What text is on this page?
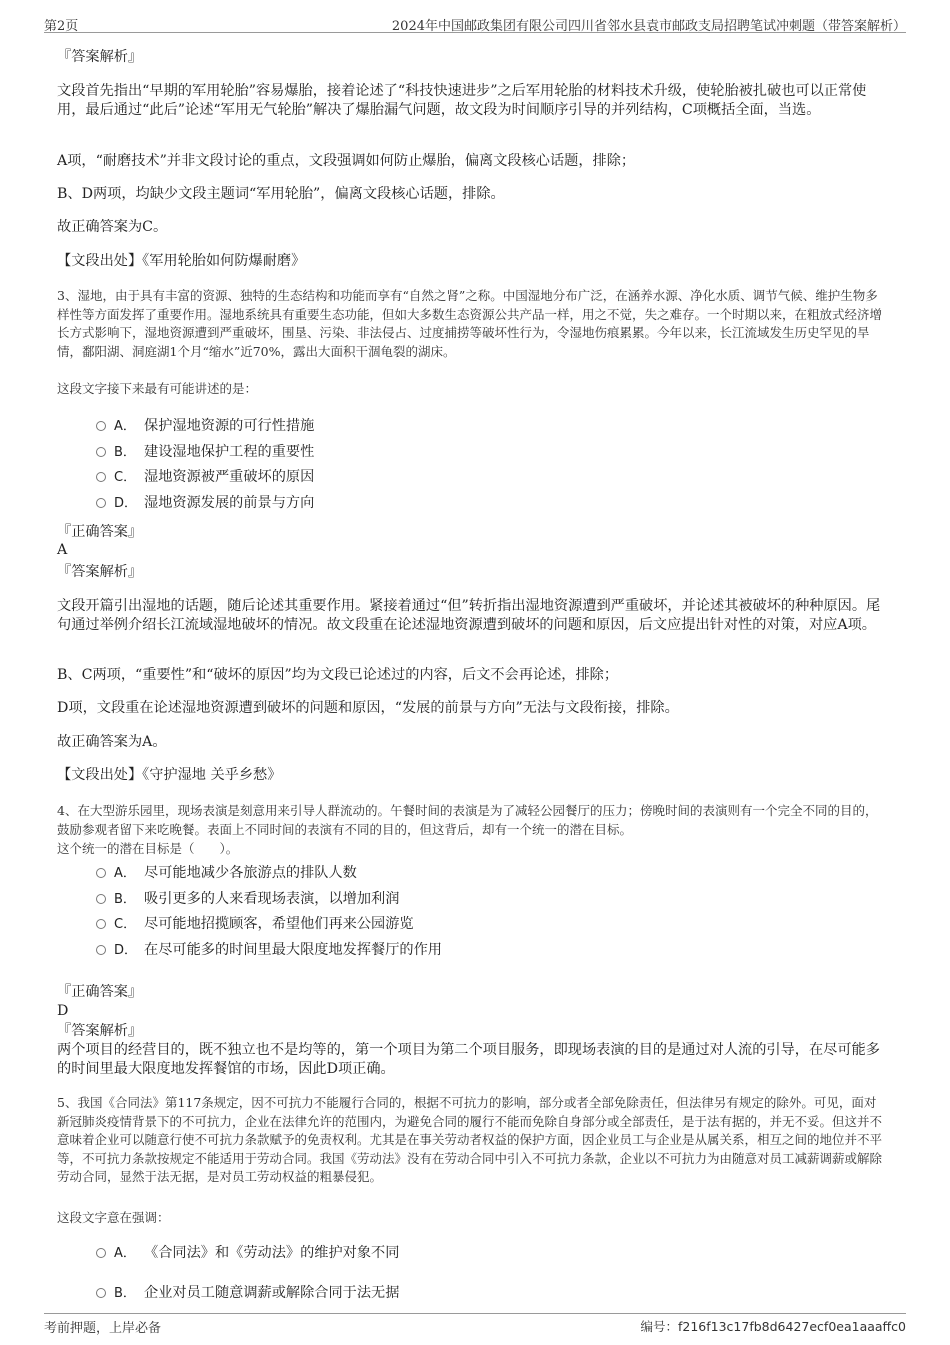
第2页	2024年中国邮政集团有限公司四川省邻水县袁市邮政支局招聘笔试冲刺题（带答案解析）

『答案解析』

文段首先指出“早期的军用轮胎”容易爆胎，接着论述了“科技快速进步”之后军用轮胎的材料技术升级，使轮胎被扎破也可以正常使用，最后通过“此后”论述“军用无气轮胎”解决了爆胎漏气问题，故文段为时间顺序引导的并列结构，C项概括全面，当选。

A项，“耐磨技术”并非文段讨论的重点，文段强调如何防止爆胎，偏离文段核心话题，排除；

B、D两项，均缺少文段主题词“军用轮胎”，偏离文段核心话题，排除。

故正确答案为C。

【文段出处】《军用轮胎如何防爆耐磨》

3、湿地，由于具有丰富的资源、独特的生态结构和功能而享有“自然之肾”之称。中国湿地分布广泛，在涵养水源、净化水质、调节气候、维护生物多样性等方面发挥了重要作用。湿地系统具有重要生态功能，但如大多数生态资源公共产品一样，用之不觉，失之难存。一个时期以来，在粗放式经济增长方式影响下，湿地资源遭到严重破坏，围垦、污染、非法侵占、过度捕捞等破坏性行为，令湿地伤痕累累。今年以来，长江流域发生历史罕见的旱情，鄱阳湖、洞庭湖1个月“缩水”近70%，露出大面积干涸龟裂的湖床。

这段文字接下来最有可能讲述的是：

A． 保护湿地资源的可行性措施
B． 建设湿地保护工程的重要性
C． 湿地资源被严重破坏的原因
D． 湿地资源发展的前景与方向

『正确答案』

A

『答案解析』

文段开篇引出湿地的话题，随后论述其重要作用。紧接着通过“但”转折指出湿地资源遭到严重破坏，并论述其被破坏的种种原因。尾句通过举例介绍长江流域湿地破坏的情况。故文段重在论述湿地资源遭到破坏的问题和原因，后文应提出针对性的对策，对应A项。

B、C两项，“重要性”和“破坏的原因”均为文段已论述过的内容，后文不会再论述，排除；

D项，文段重在论述湿地资源遭到破坏的问题和原因，“发展的前景与方向”无法与文段衔接，排除。

故正确答案为A。

【文段出处】《守护湿地 关乎乡愁》

4、在大型游乐园里，现场表演是刻意用来引导人群流动的。午餐时间的表演是为了减轻公园餐厅的压力；傍晚时间的表演则有一个完全不同的目的，鼓励参观者留下来吃晚餐。表面上不同时间的表演有不同的目的，但这背后，却有一个统一的潜在目标。

这个统一的潜在目标是（　　）。

A． 尽可能地减少各旅游点的排队人数
B． 吸引更多的人来看现场表演，以增加利润
C． 尽可能地招揽顾客，希望他们再来公园游览
D． 在尽可能多的时间里最大限度地发挥餐厅的作用

『正确答案』

D

『答案解析』

两个项目的经营目的，既不独立也不是均等的，第一个项目为第二个项目服务，即现场表演的目的是通过对人流的引导，在尽可能多的时间里最大限度地发挥餐馆的市场，因此D项正确。

5、我国《合同法》第117条规定，因不可抗力不能履行合同的，根据不可抗力的影响，部分或者全部免除责任，但法律另有规定的除外。可见，面对新冠肺炎疫情背景下的不可抗力，企业在法律允许的范围内，为避免合同的履行不能而免除自身部分或全部责任，是于法有据的，并无不妥。但这并不意味着企业可以随意行使不可抗力条款赋予的免责权利。尤其是在事关劳动者权益的保护方面，因企业员工与企业是从属关系，相互之间的地位并不平等，不可抗力条款按规定不能适用于劳动合同。我国《劳动法》没有在劳动合同中引入不可抗力条款，企业以不可抗力为由随意对员工减薪调薪或解除劳动合同，显然于法无据，是对员工劳动权益的粗暴侵犯。

这段文字意在强调：

A． 《合同法》和《劳动法》的维护对象不同
B． 企业对员工随意调薪或解除合同于法无据
考前押题，上岸必备	编号：f216f13c17fb8d6427ecf0ea1aaaffc0
